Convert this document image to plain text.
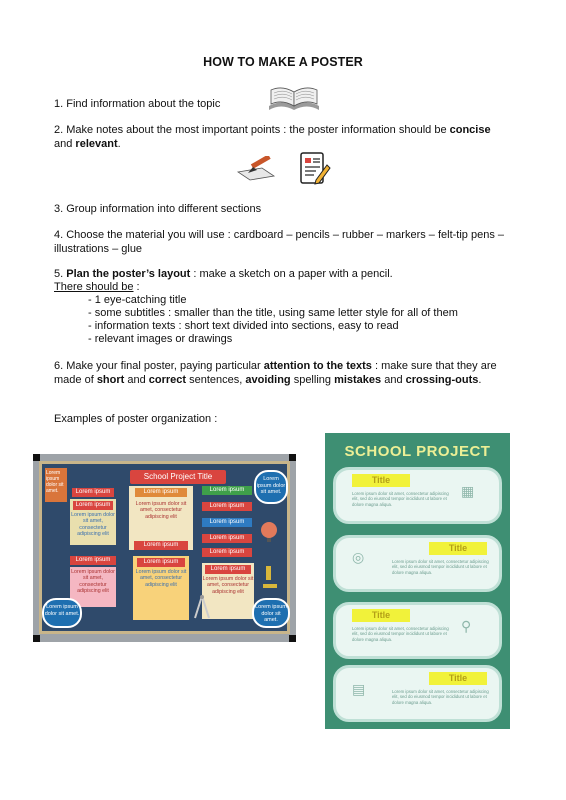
HOW TO MAKE A POSTER
1. Find information about the topic
2. Make notes about the most important points : the poster information should be concise
and relevant.
3. Group information into different sections
4. Choose the material you will use : cardboard – pencils – rubber – markers – felt-tip pens – illustrations – glue
5. Plan the poster’s layout : make a sketch on a paper with a pencil.
There should be :
- 1 eye-catching title
- some subtitles : smaller than the title, using same letter style for all of them
- information texts : short text divided into sections, easy to read
- relevant images or drawings
6. Make your final poster, paying particular attention to the texts : make sure that they are made of short and correct sentences, avoiding spelling mistakes and crossing-outs.
Examples of poster organization :
Lorem ipsum dolor sit amet.
School Project Title
Lorem ipsum
Lorem ipsum
Lorem ipsum dolor sit amet, consectetur adipiscing elit
Lorem ipsum
Lorem ipsum dolor sit amet, consectetur adipiscing elit
Lorem ipsum
Lorem ipsum dolor sit amet, consectetur adipiscing elit
Lorem ipsum
Lorem ipsum
Lorem ipsum dolor sit amet, consectetur adipiscing elit
Lorem ipsum
Lorem ipsum
Lorem ipsum
Lorem ipsum
Lorem ipsum
Lorem ipsum
Lorem ipsum dolor sit amet, consectetur adipiscing elit
Lorem ipsum dolor sit amet.
Lorem ipsum dolor sit amet.
Lorem ipsum dolor sit amet.
SCHOOL PROJECT
Title
Lorem ipsum dolor sit amet, consectetur adipiscing elit, sed do eiusmod tempor incididunt ut labore et dolore magna aliqua.
▦
Title
Lorem ipsum dolor sit amet, consectetur adipiscing elit, sed do eiusmod tempor incididunt ut labore et dolore magna aliqua.
◎
Title
Lorem ipsum dolor sit amet, consectetur adipiscing elit, sed do eiusmod tempor incididunt ut labore et dolore magna aliqua.
⚲
Title
Lorem ipsum dolor sit amet, consectetur adipiscing elit, sed do eiusmod tempor incididunt ut labore et dolore magna aliqua.
▤
